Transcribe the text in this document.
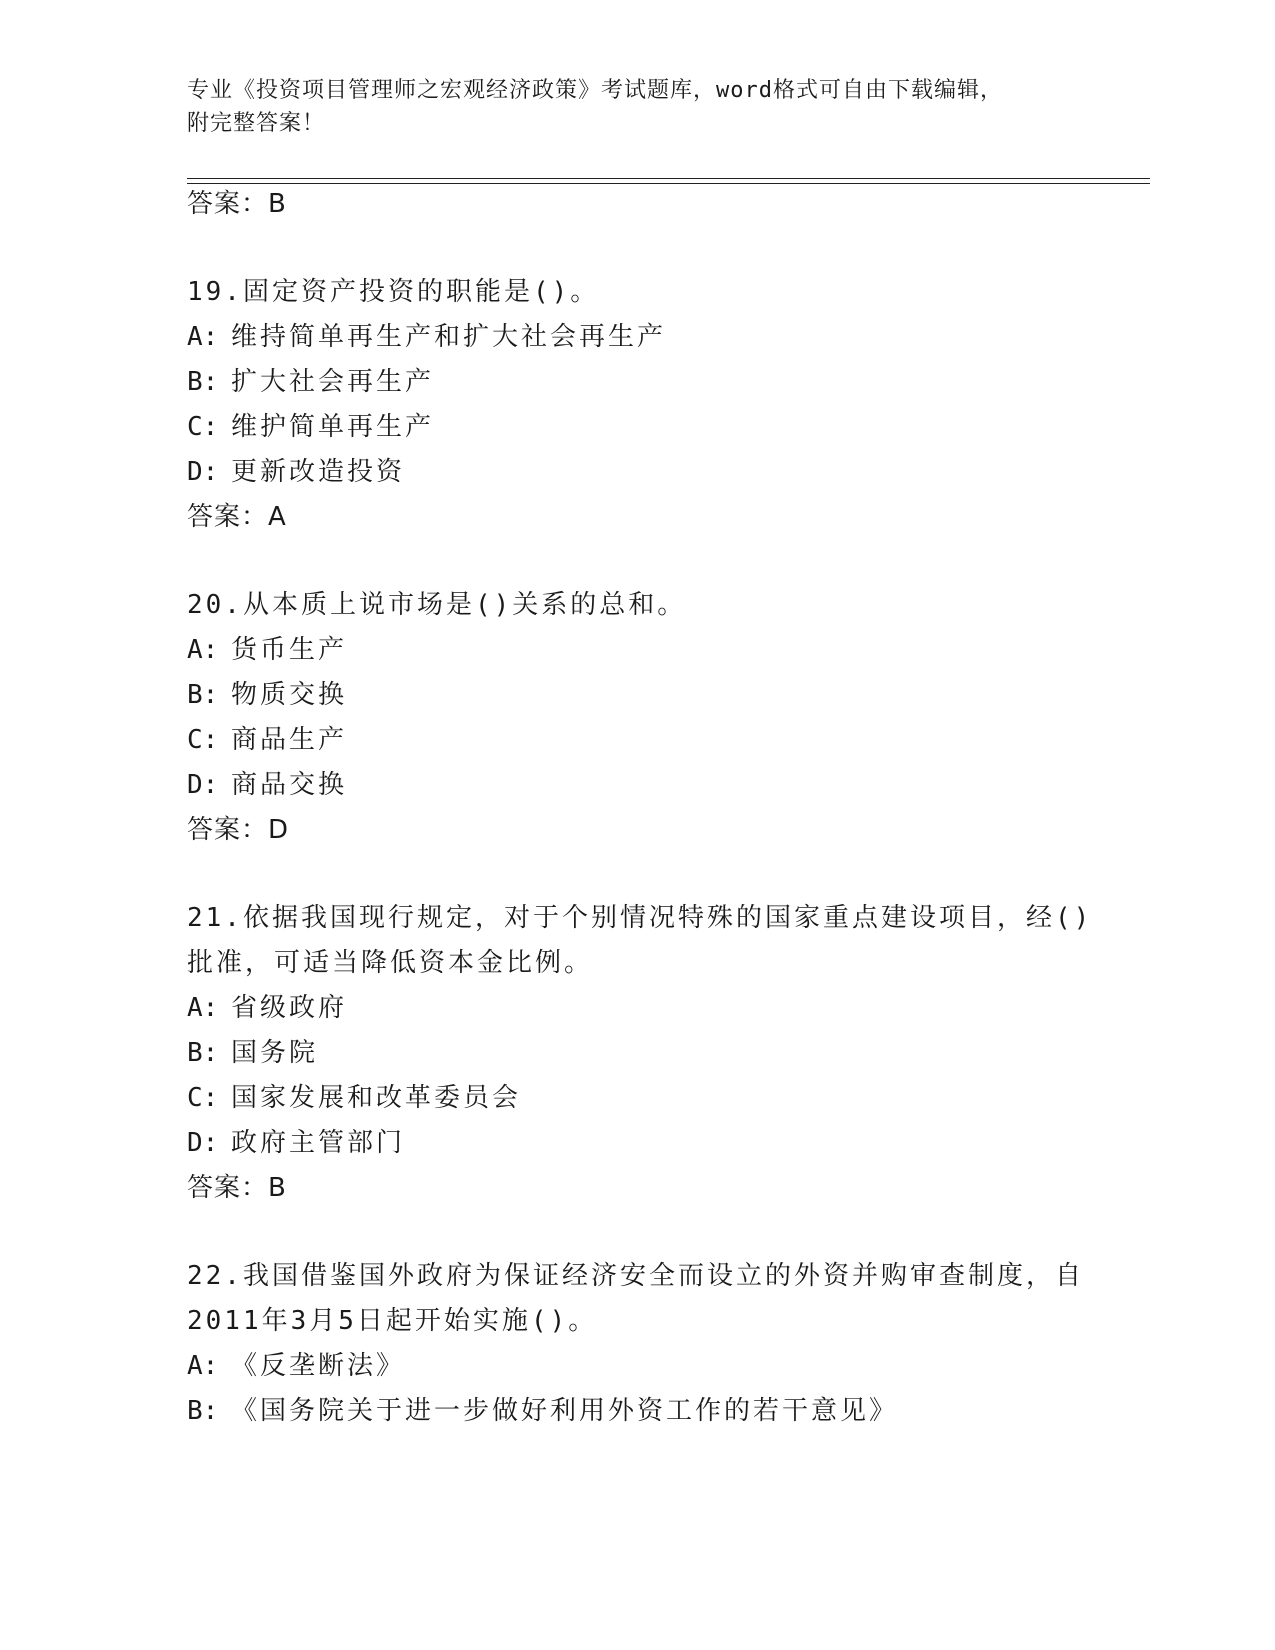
专业《投资项目管理师之宏观经济政策》考试题库，word格式可自由下载编辑，
附完整答案！
答案：B
19.固定资产投资的职能是()。
A: 维持简单再生产和扩大社会再生产
B: 扩大社会再生产
C: 维护简单再生产
D: 更新改造投资
答案：A
20.从本质上说市场是()关系的总和。
A: 货币生产
B: 物质交换
C: 商品生产
D: 商品交换
答案：D
21.依据我国现行规定，对于个别情况特殊的国家重点建设项目，经()
批准，可适当降低资本金比例。
A: 省级政府
B: 国务院
C: 国家发展和改革委员会
D: 政府主管部门
答案：B
22.我国借鉴国外政府为保证经济安全而设立的外资并购审查制度，自
2011年3月5日起开始实施()。
A: 《反垄断法》
B: 《国务院关于进一步做好利用外资工作的若干意见》
